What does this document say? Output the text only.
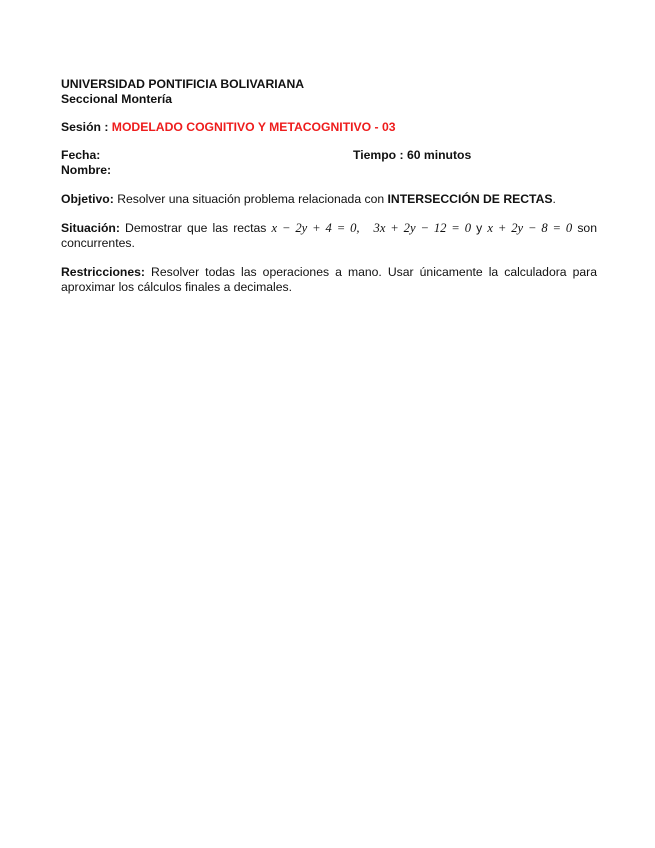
UNIVERSIDAD PONTIFICIA BOLIVARIANA
Seccional Montería
Sesión : MODELADO COGNITIVO Y METACOGNITIVO - 03
Fecha:
Nombre:
Tiempo : 60 minutos
Objetivo: Resolver una situación problema relacionada con INTERSECCIÓN DE RECTAS.
Situación: Demostrar que las rectas x − 2y + 4 = 0, 3x + 2y − 12 = 0 y x + 2y − 8 = 0 son concurrentes.
Restricciones: Resolver todas las operaciones a mano. Usar únicamente la calculadora para aproximar los cálculos finales a decimales.
